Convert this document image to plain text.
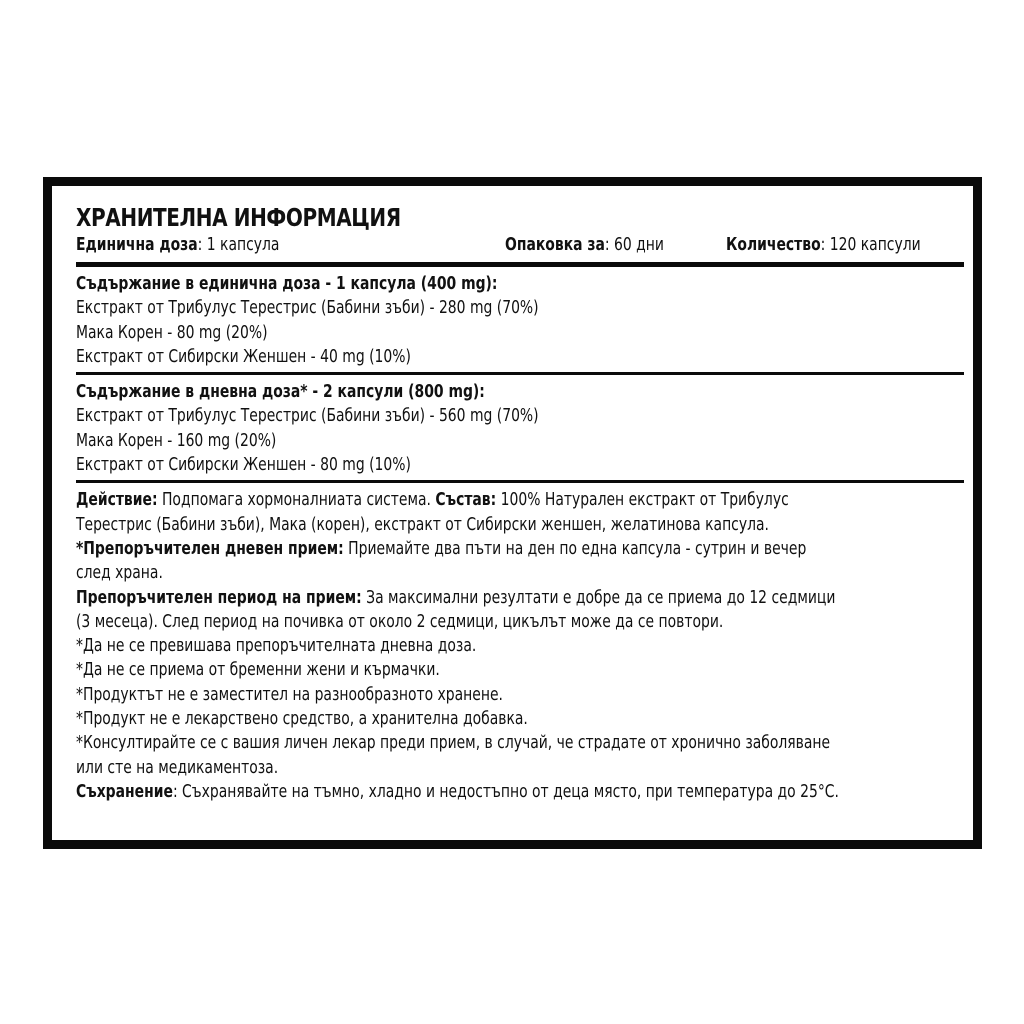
ХРАНИТЕЛНА ИНФОРМАЦИЯ
Единична доза: 1 капсула	Опаковка за: 60 дни	Количество: 120 капсули
Съдържание в единична доза - 1 капсула (400 mg):
Екстракт от Трибулус Терестрис (Бабини зъби) - 280 mg (70%)
Мака Корен - 80 mg (20%)
Екстракт от Сибирски Женшен - 40 mg (10%)
Съдържание в дневна доза* - 2 капсули (800 mg):
Екстракт от Трибулус Терестрис (Бабини зъби) - 560 mg (70%)
Мака Корен - 160 mg (20%)
Екстракт от Сибирски Женшен - 80 mg (10%)
Действие: Подпомага хормоналниата система. Състав: 100% Натурален екстракт от Трибулус
Терестрис (Бабини зъби), Мака (корен), екстракт от Сибирски женшен, желатинова капсула.
*Препоръчителен дневен прием: Приемайте два пъти на ден по една капсула - сутрин и вечер
след храна.
Препоръчителен период на прием: За максимални резултати е добре да се приема до 12 седмици
(3 месеца). След период на почивка от около 2 седмици, цикълът може да се повтори.
*Да не се превишава препоръчителната дневна доза.
*Да не се приема от бременни жени и кърмачки.
*Продуктът не е заместител на разнообразното хранене.
*Продукт не е лекарствено средство, а хранителна добавка.
*Консултирайте се с вашия личен лекар преди прием, в случай, че страдате от хронично заболяване
или сте на медикаментоза.
Съхранение: Съхранявайте на тъмно, хладно и недостъпно от деца място, при температура до 25°C.
